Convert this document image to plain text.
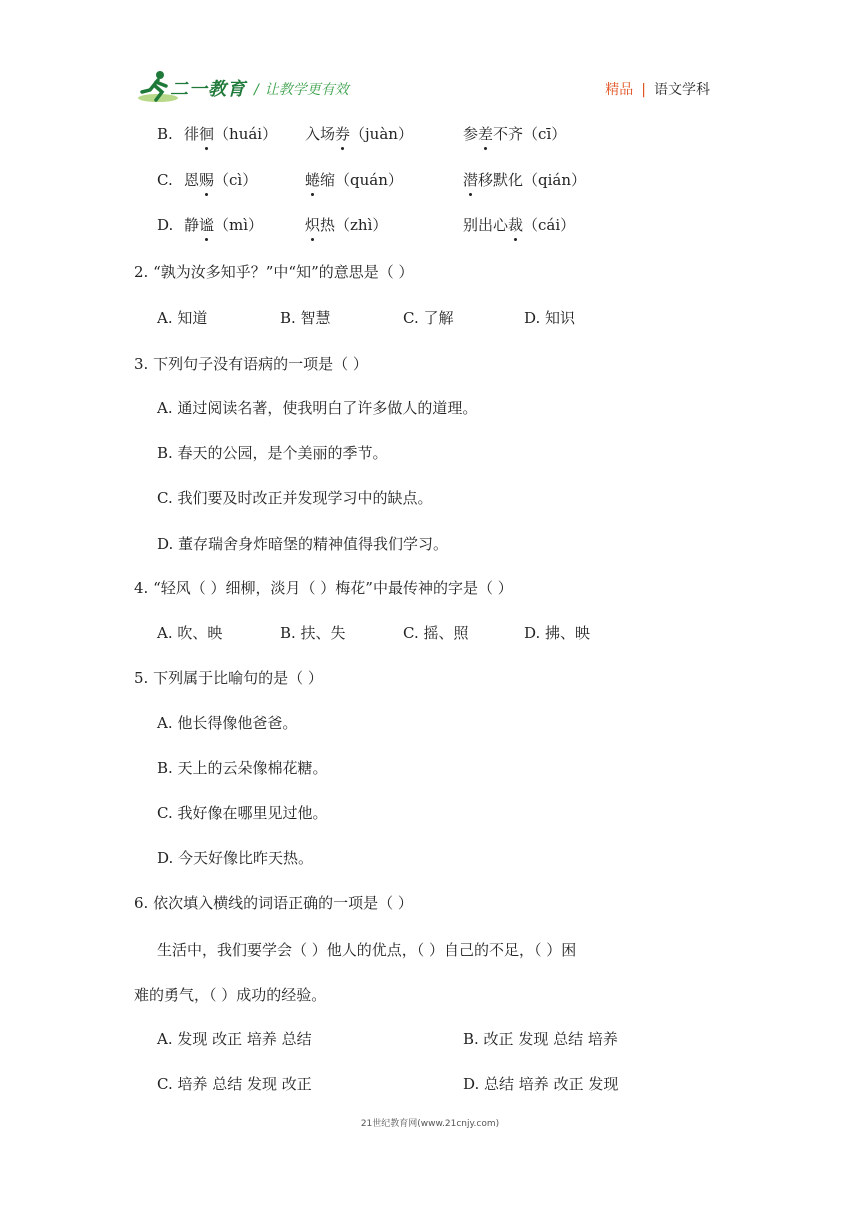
二一教育 / 让教学更有效	精品 | 语文学科
B. 徘徊（huái） 入场券（juàn）	参差不齐（cī）
C. 恩赐（cì）	蜷缩（quán）	潜移默化（qián）
D. 静谧（mì）	炽热（zhì）	别出心裁（cái）
2. “孰为汝多知乎？”中“知”的意思是（ ）
A. 知道	B. 智慧	C. 了解	D. 知识
3. 下列句子没有语病的一项是（ ）
A. 通过阅读名著，使我明白了许多做人的道理。
B. 春天的公园，是个美丽的季节。
C. 我们要及时改正并发现学习中的缺点。
D. 董存瑞舍身炸暗堡的精神值得我们学习。
4. “轻风（ ）细柳，淡月（ ）梅花”中最传神的字是（ ）
A. 吹、映	B. 扶、失	C. 摇、照	D. 拂、映
5. 下列属于比喻句的是（ ）
A. 他长得像他爸爸。
B. 天上的云朵像棉花糖。
C. 我好像在哪里见过他。
D. 今天好像比昨天热。
6. 依次填入横线的词语正确的一项是（ ）
生活中，我们要学会（ ）他人的优点，（ ）自己的不足，（ ）困
难的勇气，（ ）成功的经验。
A. 发现 改正 培养 总结	B. 改正 发现 总结 培养
C. 培养 总结 发现 改正	D. 总结 培养 改正 发现
21世纪教育网(www.21cnjy.com)
